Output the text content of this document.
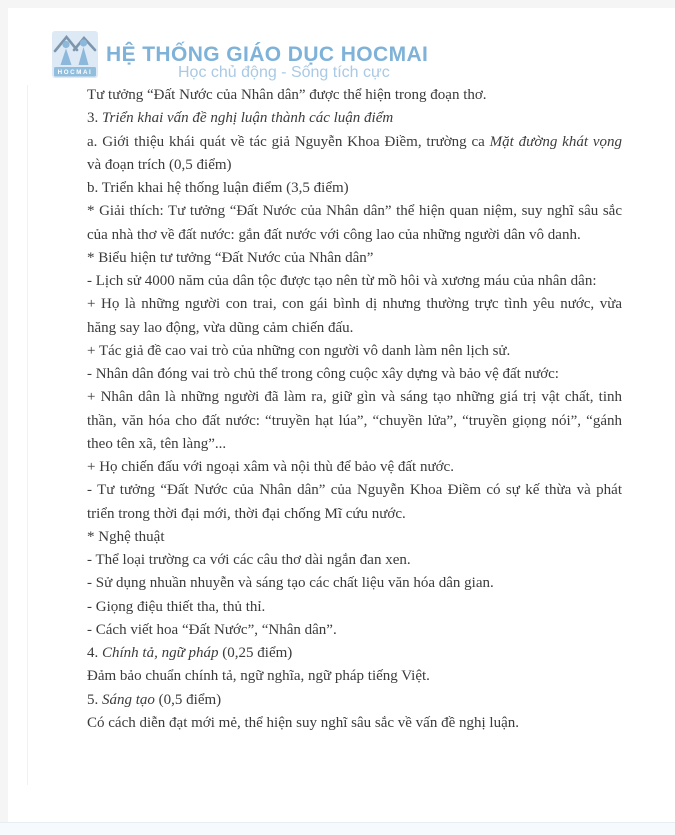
HOCMAI
HỆ THỐNG GIÁO DỤC HOCMAI
Học chủ động - Sống tích cực

Tư tưởng “Đất Nước của Nhân dân” được thể hiện trong đoạn thơ.

3. Triển khai vấn đề nghị luận thành các luận điểm

a. Giới thiệu khái quát về tác giả Nguyễn Khoa Điềm, trường ca Mặt đường khát vọng và đoạn trích (0,5 điểm)

b. Triển khai hệ thống luận điểm (3,5 điểm)

* Giải thích: Tư tưởng “Đất Nước của Nhân dân” thể hiện quan niệm, suy nghĩ sâu sắc của nhà thơ về đất nước: gắn đất nước với công lao của những người dân vô danh.

* Biểu hiện tư tưởng “Đất Nước của Nhân dân”

- Lịch sử 4000 năm của dân tộc được tạo nên từ mồ hôi và xương máu của nhân dân:

+ Họ là những người con trai, con gái bình dị nhưng thường trực tình yêu nước, vừa hăng say lao động, vừa dũng cảm chiến đấu.

+ Tác giả đề cao vai trò của những con người vô danh làm nên lịch sử.

- Nhân dân đóng vai trò chủ thể trong công cuộc xây dựng và bảo vệ đất nước:

+ Nhân dân là những người đã làm ra, giữ gìn và sáng tạo những giá trị vật chất, tinh thần, văn hóa cho đất nước: “truyền hạt lúa”, “chuyền lửa”, “truyền giọng nói”, “gánh theo tên xã, tên làng”...

+ Họ chiến đấu với ngoại xâm và nội thù để bảo vệ đất nước.

- Tư tưởng “Đất Nước của Nhân dân” của Nguyễn Khoa Điềm có sự kế thừa và phát triển trong thời đại mới, thời đại chống Mĩ cứu nước.

* Nghệ thuật

- Thể loại trường ca với các câu thơ dài ngắn đan xen.

- Sử dụng nhuần nhuyễn và sáng tạo các chất liệu văn hóa dân gian.

- Giọng điệu thiết tha, thủ thỉ.

- Cách viết hoa “Đất Nước”, “Nhân dân”.

4. Chính tả, ngữ pháp (0,25 điểm)

Đảm bảo chuẩn chính tả, ngữ nghĩa, ngữ pháp tiếng Việt.

5. Sáng tạo (0,5 điểm)

Có cách diễn đạt mới mẻ, thể hiện suy nghĩ sâu sắc về vấn đề nghị luận.
